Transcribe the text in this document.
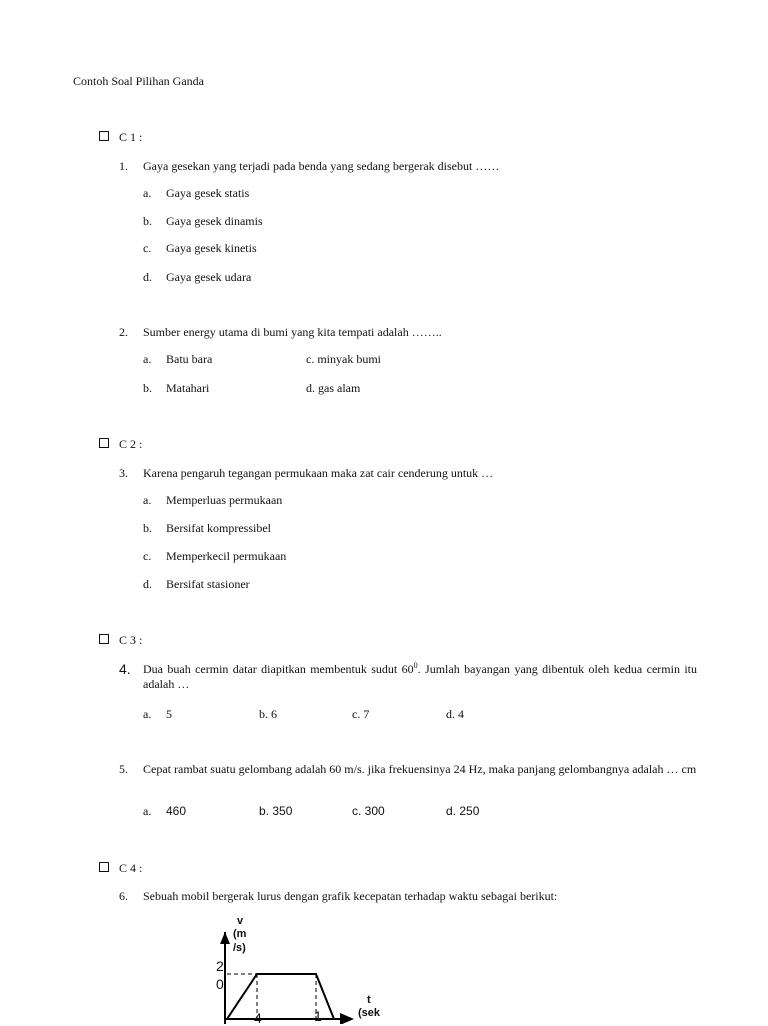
Contoh Soal Pilihan Ganda
C 1 :
1. Gaya gesekan yang terjadi pada benda yang sedang bergerak disebut ……
a. Gaya gesek statis
b. Gaya gesek dinamis
c. Gaya gesek kinetis
d. Gaya gesek udara
2. Sumber energy utama di bumi yang kita tempati adalah ……..
a. Batu bara	c. minyak bumi
b. Matahari	d. gas alam
C 2 :
3. Karena pengaruh tegangan permukaan maka zat cair cenderung untuk …
a. Memperluas permukaan
b. Bersifat kompressibel
c. Memperkecil permukaan
d. Bersifat stasioner
C 3 :
4. Dua buah cermin datar diapitkan membentuk sudut $60^0$. Jumlah bayangan yang dibentuk oleh kedua cermin itu adalah …
a. 5	b. 6	c. 7	d. 4
5. Cepat rambat suatu gelombang adalah 60 m/s. jika frekuensinya 24 Hz, maka panjang gelombangnya adalah … cm
a. 460	b. 350	c. 300	d. 250
C 4 :
6. Sebuah mobil bergerak lurus dengan grafik kecepatan terhadap waktu sebagai berikut:
v
(m
/s)
2
0
4	1
t
(sek
